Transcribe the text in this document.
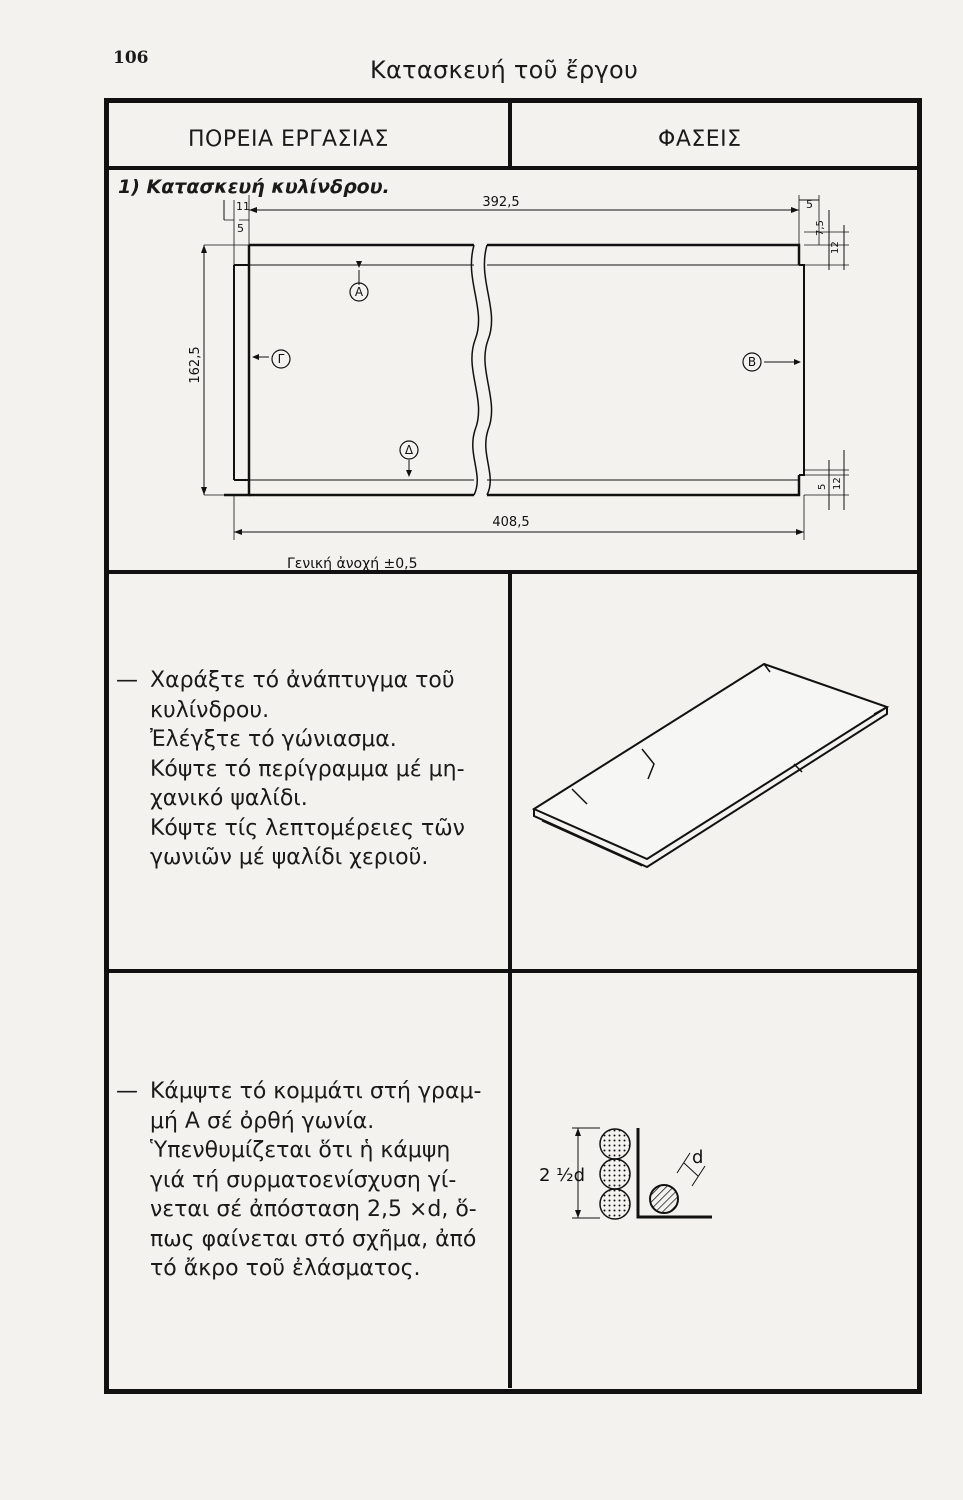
106	Κατασκευή τοῦ ἔργου
ΠΟΡΕΙΑ ΕΡΓΑΣΙΑΣ	ΦΑΣΕΙΣ
1) Κατασκευή κυλίνδρου.
Α
Γ	Β
Δ
392,5
408,5
162,5
11
5
5
7,5
12
5 12
Γενική ἀνοχή ±0,5
— Χαράξτε τό ἀνάπτυγμα τοῦ

κυλίνδρου.

Ἐλέγξτε τό γώνιασμα.

Κόψτε τό περίγραμμα μέ μη-

χανικό ψαλίδι.

Κόψτε τίς λεπτομέρειες τῶν

γωνιῶν μέ ψαλίδι χεριοῦ.

— Κάμψτε τό κομμάτι στή γραμ-

μή Α σέ ὀρθή γωνία.

Ὑπενθυμίζεται ὅτι ἡ κάμψη

γιά τή συρματοενίσχυση γί-

νεται σέ ἀπόσταση 2,5 ×d, ὅ-

πως φαίνεται στό σχῆμα, ἀπό

τό ἄκρο τοῦ ἐλάσματος.

2 ½d
d
